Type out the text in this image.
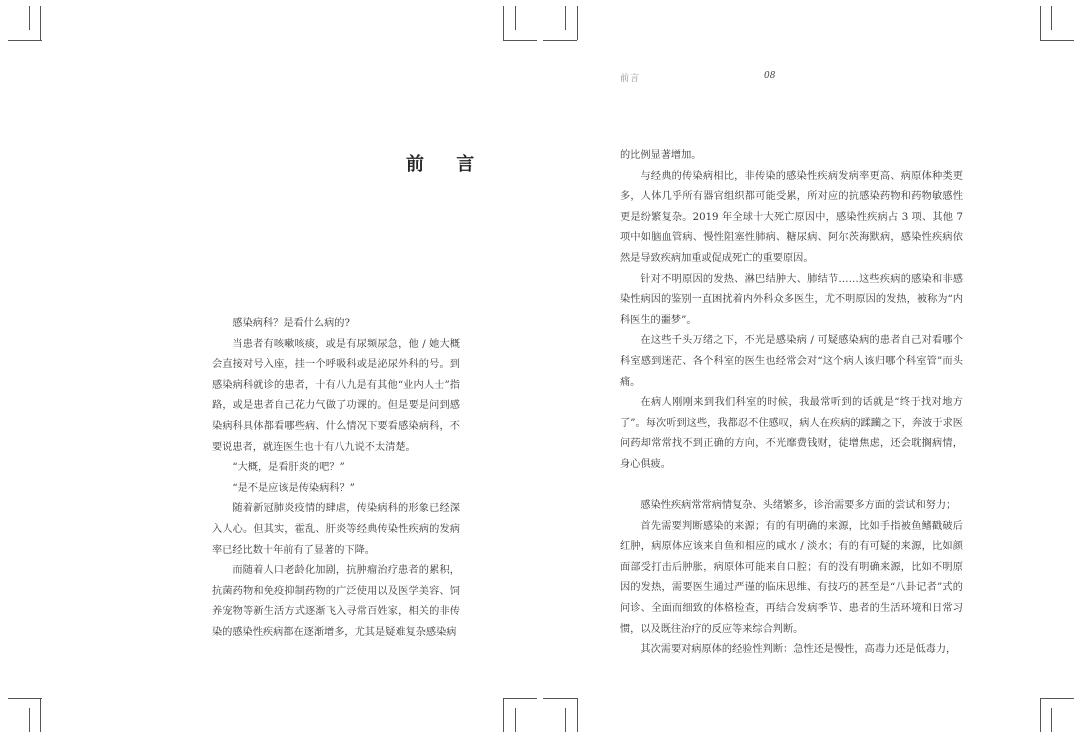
前言	08
前 言

感染病科？是看什么病的?

当患者有咳嗽咳痰，或是有尿频尿急，他 / 她大概会直接对号入座，挂一个呼吸科或是泌尿外科的号。到感染病科就诊的患者，十有八九是有其他“业内人士”指路，或是患者自己花力气做了功课的。但是要是问到感染病科具体都看哪些病、什么情况下要看感染病科，不要说患者，就连医生也十有八九说不太清楚。

“大概，是看肝炎的吧？”

“是不是应该是传染病科？”

随着新冠肺炎疫情的肆虐，传染病科的形象已经深入人心。但其实，霍乱、肝炎等经典传染性疾病的发病率已经比数十年前有了显著的下降。

而随着人口老龄化加剧，抗肿瘤治疗患者的累积，抗菌药物和免疫抑制药物的广泛使用以及医学美容、饲养宠物等新生活方式逐渐飞入寻常百姓家，相关的非传染的感染性疾病都在逐渐增多，尤其是疑难复杂感染病

的比例显著增加。

与经典的传染病相比，非传染的感染性疾病发病率更高、病原体种类更多，人体几乎所有器官组织都可能受累，所对应的抗感染药物和药物敏感性更是纷繁复杂。2019 年全球十大死亡原因中，感染性疾病占 3 项、其他 7 项中如脑血管病、慢性阻塞性肺病、糖尿病、阿尔茨海默病，感染性疾病依然是导致疾病加重或促成死亡的重要原因。

针对不明原因的发热、淋巴结肿大、肺结节……这些疾病的感染和非感染性病因的鉴别一直困扰着内外科众多医生，尤不明原因的发热，被称为“内科医生的噩梦”。

在这些千头万绪之下，不光是感染病 / 可疑感染病的患者自己对看哪个科室感到迷茫、各个科室的医生也经常会对“这个病人该归哪个科室管”而头痛。

在病人刚刚来到我们科室的时候，我最常听到的话就是“终于找对地方了”。每次听到这些，我都忍不住感叹，病人在疾病的蹂躏之下，奔波于求医问药却常常找不到正确的方向，不光靡费钱财，徒增焦虑，还会耽搁病情，身心俱疲。

感染性疾病常常病情复杂、头绪繁多，诊治需要多方面的尝试和努力；

首先需要判断感染的来源；有的有明确的来源，比如手指被鱼鳍戳破后红肿，病原体应该来自鱼和相应的咸水 / 淡水；有的有可疑的来源，比如颜面部受打击后肿胀，病原体可能来自口腔；有的没有明确来源，比如不明原因的发热，需要医生通过严谨的临床思维、有技巧的甚至是“八卦记者”式的问诊、全面而细致的体格检查，再结合发病季节、患者的生活环境和日常习惯，以及既往治疗的反应等来综合判断。

其次需要对病原体的经验性判断：急性还是慢性，高毒力还是低毒力，
